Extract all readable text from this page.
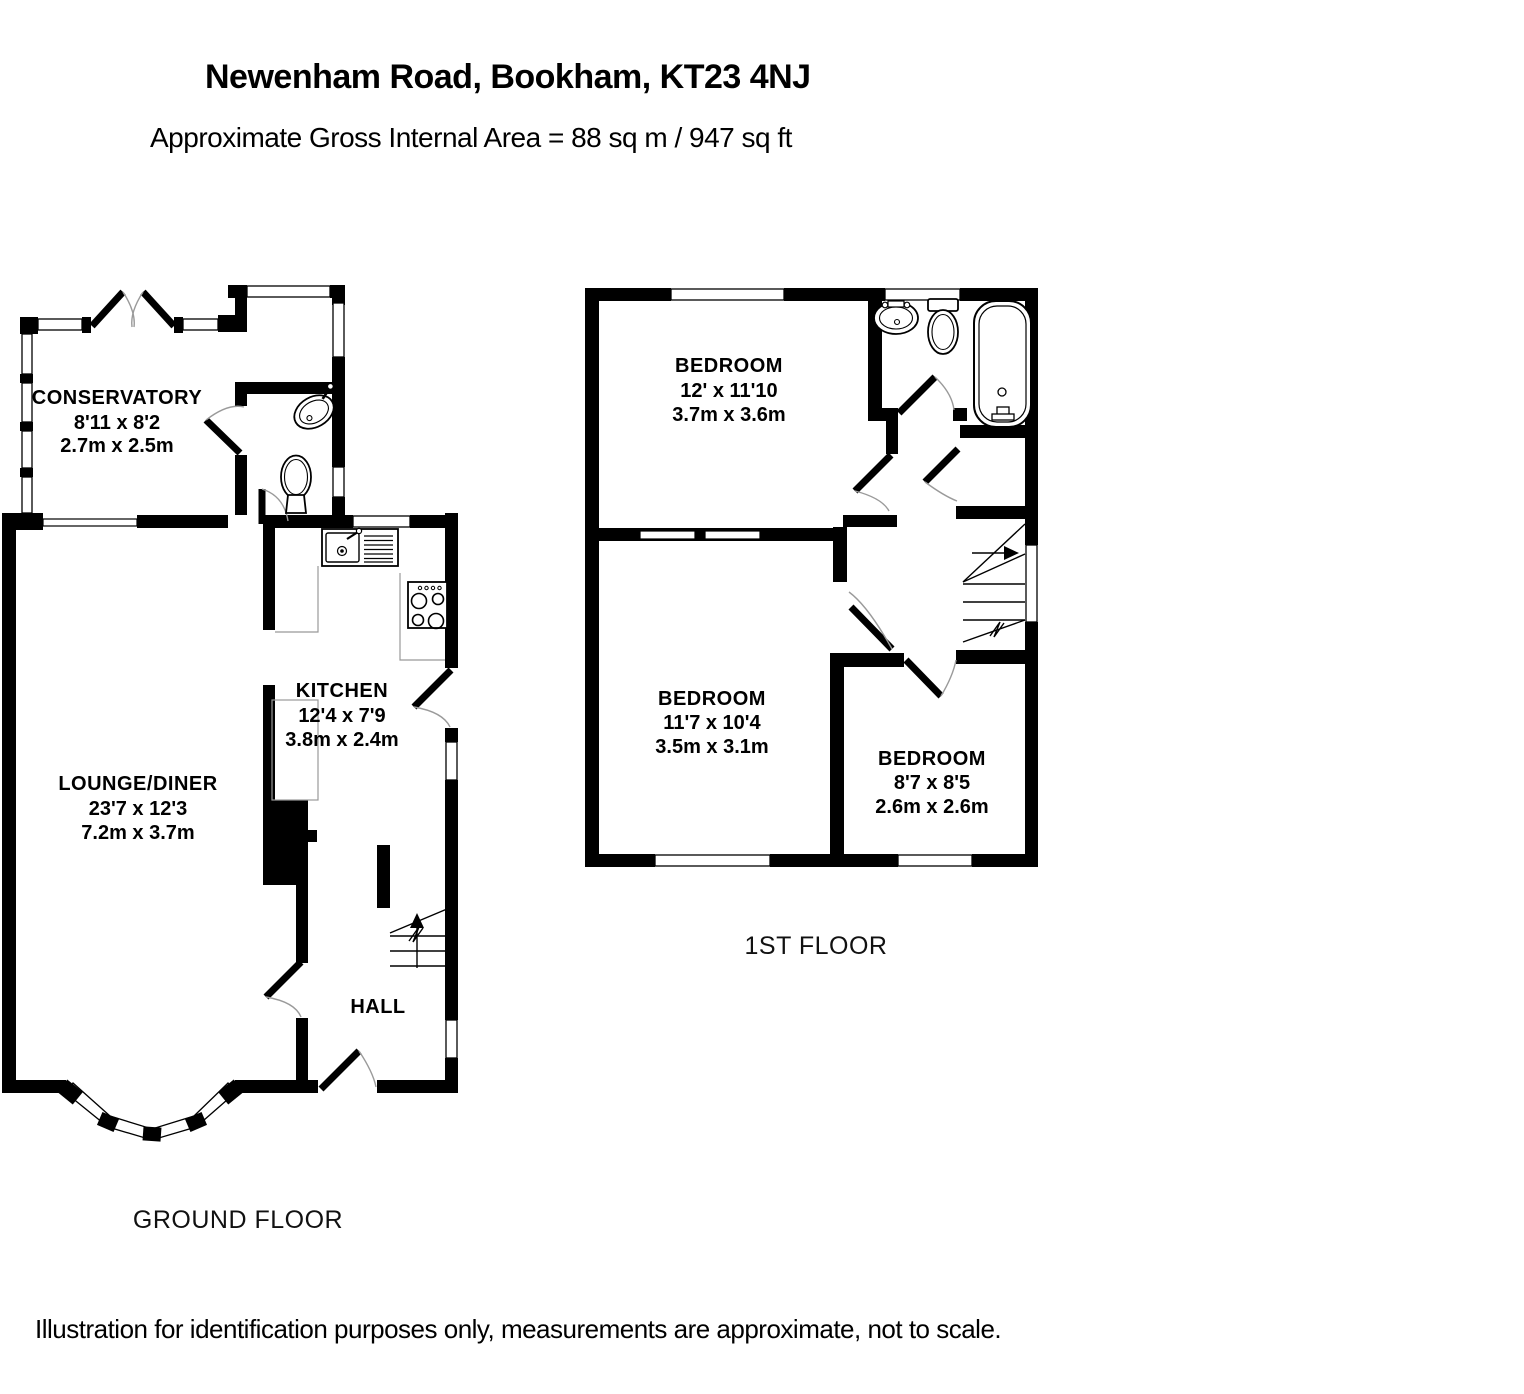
Newenham Road, Bookham, KT23 4NJ
Approximate Gross Internal Area = 88 sq m / 947 sq ft
CONSERVATORY
8'11 x 8'2
2.7m x 2.5m
KITCHEN
12'4 x 7'9
3.8m x 2.4m
LOUNGE/DINER
23'7 x 12'3
7.2m x 3.7m
HALL
GROUND FLOOR
BEDROOM
12' x 11'10
3.7m x 3.6m
BEDROOM
11'7 x 10'4
3.5m x 3.1m
BEDROOM
8'7 x 8'5
2.6m x 2.6m
1ST FLOOR
Illustration for identification purposes only, measurements are approximate, not to scale.
